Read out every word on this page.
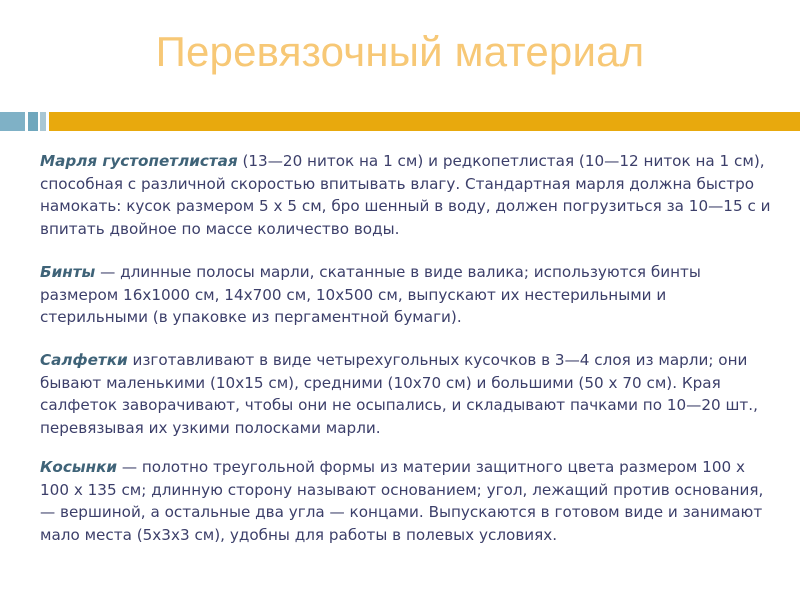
Перевязочный материал

Марля густопетлистая (13—20 ниток на 1 см) и редкопетлистая (10—12 ниток на 1 см), способная с различной скоростью впитывать влагу. Стандартная марля должна быстро намокать: кусок размером 5 х 5 см, бро шенный в воду, должен погрузиться за 10—15 с и впитать двойное по массе количество воды.

Бинты — длинные полосы марли, скатанные в виде валика; используются бинты размером 16x1000 см, 14x700 см, 10x500 см, выпускают их нестерильными и стерильными (в упаковке из пергаментной бумаги).

Салфетки изготавливают в виде четырехугольных кусочков в 3—4 слоя из марли; они бывают маленькими (10x15 см), средними (10x70 см) и большими (50 х 70 см). Края салфеток заворачивают, чтобы они не осыпались, и складывают пачками по 10—20 шт., перевязывая их узкими полосками марли.

Косынки — полотно треугольной формы из материи защитного цвета размером 100 х 100 х 135 см; длинную сторону называют основанием; угол, лежащий против основания, — вершиной, а остальные два угла — концами. Выпускаются в готовом виде и занимают мало места (5x3x3 см), удобны для работы в полевых условиях.
